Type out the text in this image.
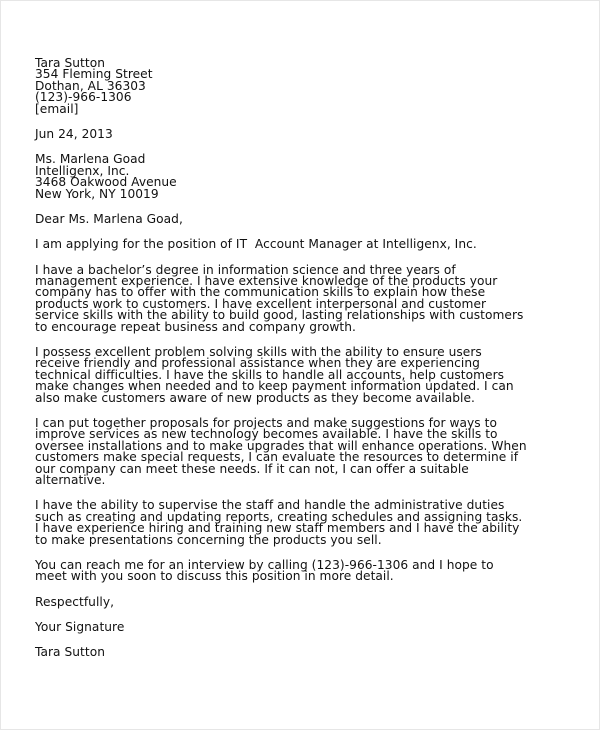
Tara Sutton
354 Fleming Street
Dothan, AL 36303
(123)-966-1306
[email]
Jun 24, 2013
Ms. Marlena Goad
Intelligenx, Inc.
3468 Oakwood Avenue
New York, NY 10019
Dear Ms. Marlena Goad,
I am applying for the position of IT  Account Manager at Intelligenx, Inc.
I have a bachelor’s degree in information science and three years of
management experience. I have extensive knowledge of the products your
company has to offer with the communication skills to explain how these
products work to customers. I have excellent interpersonal and customer
service skills with the ability to build good, lasting relationships with customers
to encourage repeat business and company growth.
I possess excellent problem solving skills with the ability to ensure users
receive friendly and professional assistance when they are experiencing
technical difficulties. I have the skills to handle all accounts, help customers
make changes when needed and to keep payment information updated. I can
also make customers aware of new products as they become available.
I can put together proposals for projects and make suggestions for ways to
improve services as new technology becomes available. I have the skills to
oversee installations and to make upgrades that will enhance operations. When
customers make special requests, I can evaluate the resources to determine if
our company can meet these needs. If it can not, I can offer a suitable
alternative.
I have the ability to supervise the staff and handle the administrative duties
such as creating and updating reports, creating schedules and assigning tasks.
I have experience hiring and training new staff members and I have the ability
to make presentations concerning the products you sell.
You can reach me for an interview by calling (123)-966-1306 and I hope to
meet with you soon to discuss this position in more detail.
Respectfully,
Your Signature
Tara Sutton
